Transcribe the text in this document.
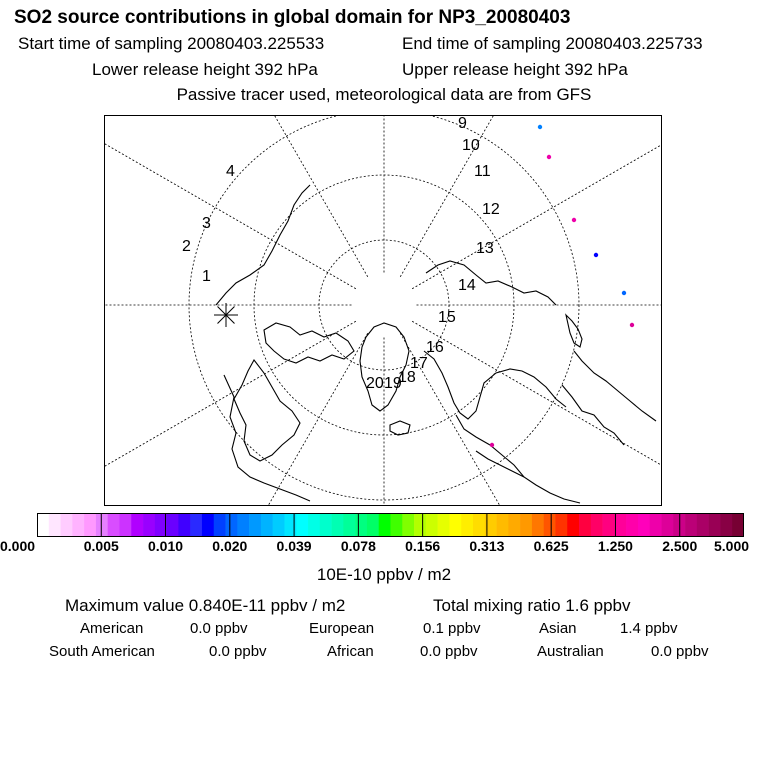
SO2 source contributions in global domain for NP3_20080403
Start time of sampling 20080403.225533	End time of sampling 20080403.225733
Lower release height 392 hPa	Upper release height 392 hPa
Passive tracer used, meteorological data are from GFS
1
2
3
4
9
10
11
12
13
14
15
16
17
18
19
20
0.000	0.005 0.010 0.020 0.039 0.078 0.156 0.313 0.625 1.250 2.500 5.000
10E-10 ppbv / m2
Maximum value 0.840E-11 ppbv / m2	Total mixing ratio 1.6 ppbv
American	0.0 ppbv	European	0.1 ppbv	Asian	1.4 ppbv
South American	0.0 ppbv	African	0.0 ppbv	Australian	0.0 ppbv
